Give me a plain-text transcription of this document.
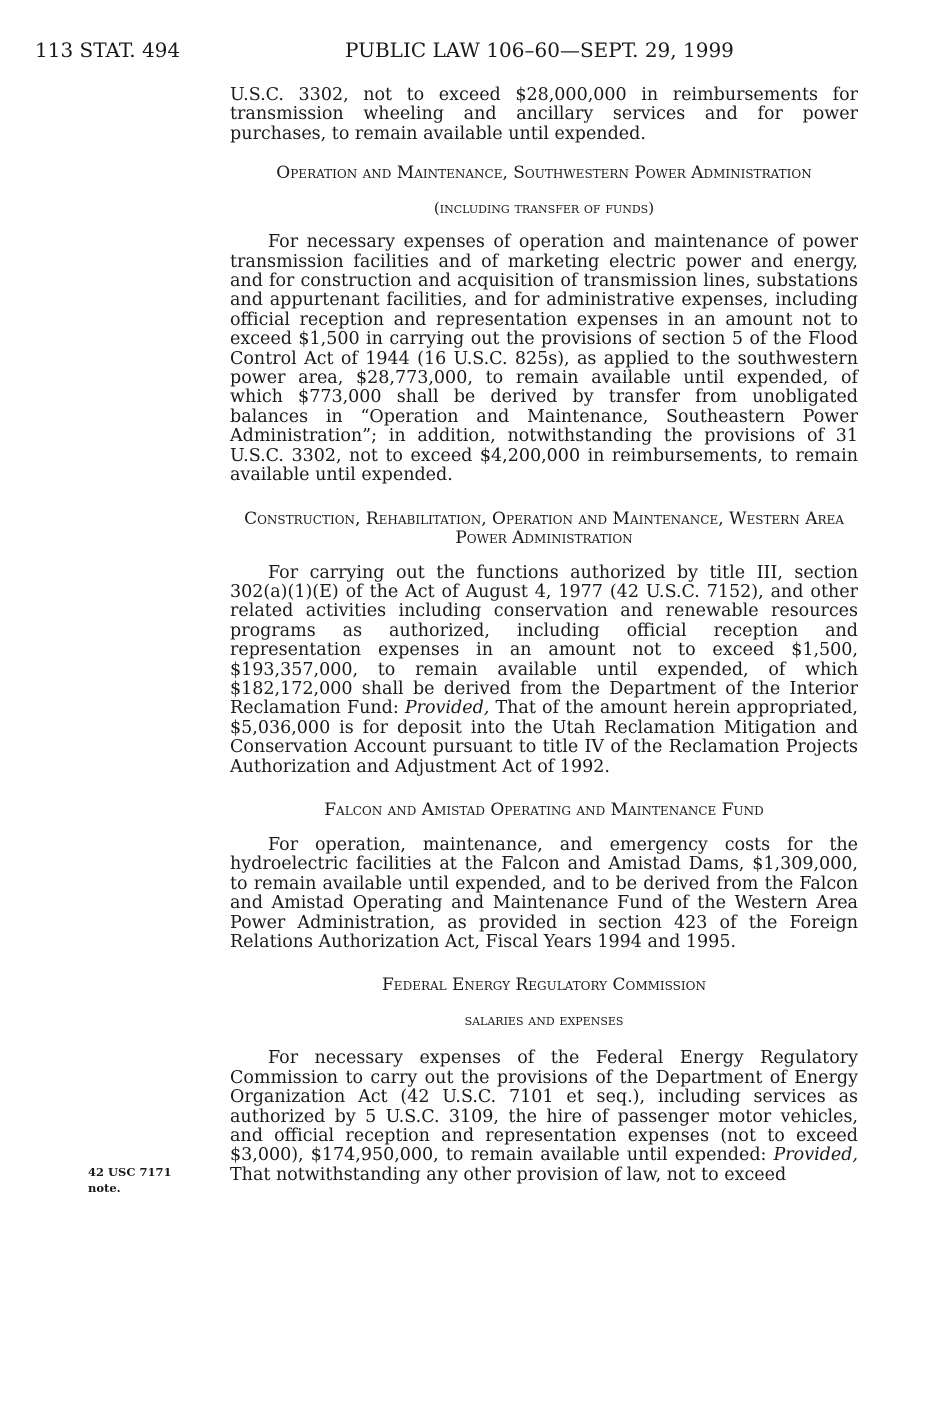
113 STAT. 494	PUBLIC LAW 106–60—SEPT. 29, 1999
42 USC 7171
note.

U.S.C. 3302, not to exceed $28,000,000 in reimbursements for transmission wheeling and ancillary services and for power purchases, to remain available until expended.

Operation and Maintenance, Southwestern Power Administration
(including transfer of funds)

For necessary expenses of operation and maintenance of power transmission facilities and of marketing electric power and energy, and for construction and acquisition of transmission lines, substations and appurtenant facilities, and for administrative expenses, including official reception and representation expenses in an amount not to exceed $1,500 in carrying out the provisions of section 5 of the Flood Control Act of 1944 (16 U.S.C. 825s), as applied to the southwestern power area, $28,773,000, to remain available until expended, of which $773,000 shall be derived by transfer from unobligated balances in “Operation and Maintenance, Southeastern Power Administration”; in addition, notwithstanding the provisions of 31 U.S.C. 3302, not to exceed $4,200,000 in reimbursements, to remain available until expended.

Construction, Rehabilitation, Operation and Maintenance, Western Area Power Administration

For carrying out the functions authorized by title III, section 302(a)(1)(E) of the Act of August 4, 1977 (42 U.S.C. 7152), and other related activities including conservation and renewable resources programs as authorized, including official reception and representation expenses in an amount not to exceed $1,500, $193,357,000, to remain available until expended, of which $182,172,000 shall be derived from the Department of the Interior Reclamation Fund: Provided, That of the amount herein appropriated, $5,036,000 is for deposit into the Utah Reclamation Mitigation and Conservation Account pursuant to title IV of the Reclamation Projects Authorization and Adjustment Act of 1992.

Falcon and Amistad Operating and Maintenance Fund

For operation, maintenance, and emergency costs for the hydroelectric facilities at the Falcon and Amistad Dams, $1,309,000, to remain available until expended, and to be derived from the Falcon and Amistad Operating and Maintenance Fund of the Western Area Power Administration, as provided in section 423 of the Foreign Relations Authorization Act, Fiscal Years 1994 and 1995.

Federal Energy Regulatory Commission
salaries and expenses

For necessary expenses of the Federal Energy Regulatory Commission to carry out the provisions of the Department of Energy Organization Act (42 U.S.C. 7101 et seq.), including services as authorized by 5 U.S.C. 3109, the hire of passenger motor vehicles, and official reception and representation expenses (not to exceed $3,000), $174,950,000, to remain available until expended: Provided, That notwithstanding any other provision of law, not to exceed
